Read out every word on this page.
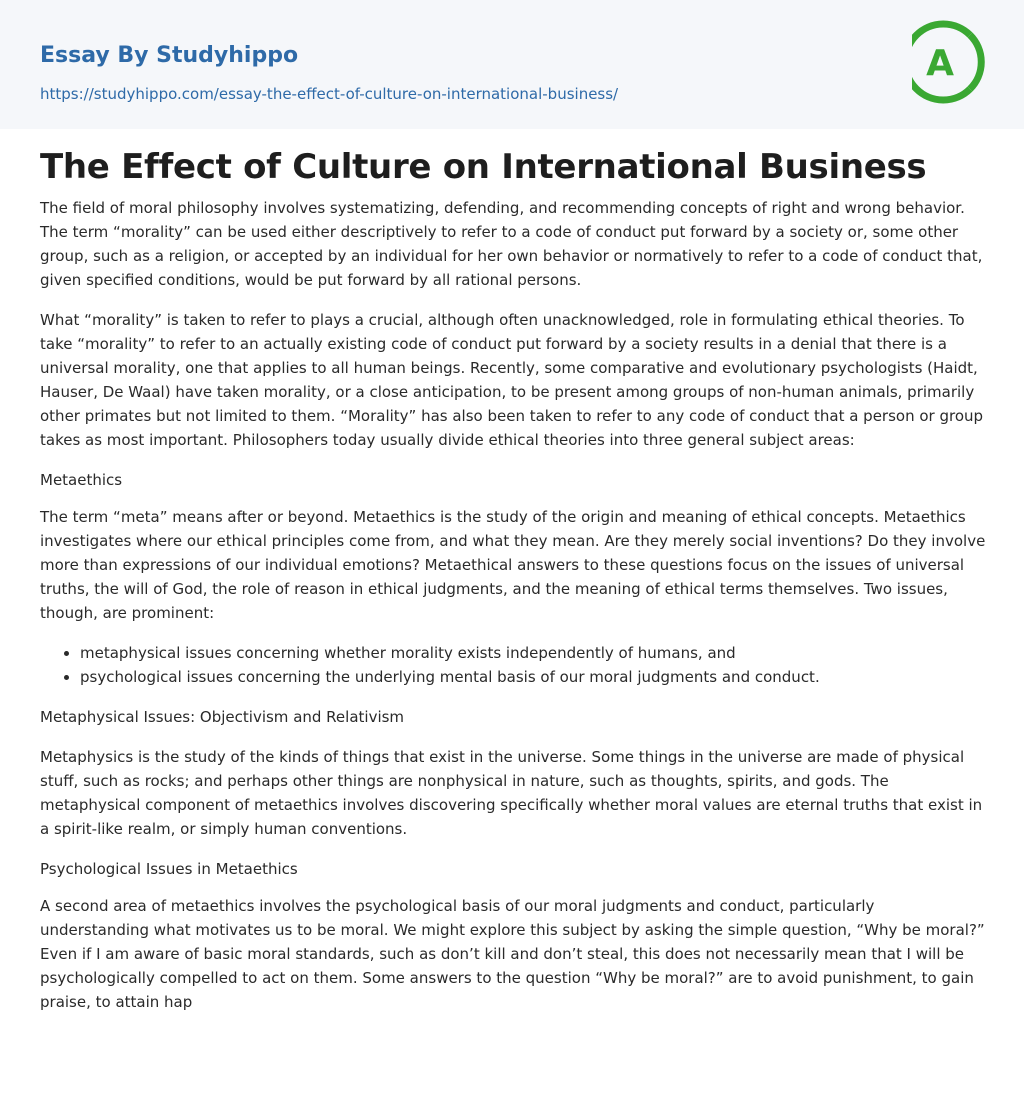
Essay By Studyhippo
https://studyhippo.com/essay-the-effect-of-culture-on-international-business/
A
The Effect of Culture on International Business

The field of moral philosophy involves systematizing, defending, and recommending concepts of right and wrong behavior. The term “morality” can be used either descriptively to refer to a code of conduct put forward by a society or, some other group, such as a religion, or accepted by an individual for her own behavior or normatively to refer to a code of conduct that, given specified conditions, would be put forward by all rational persons.

What “morality” is taken to refer to plays a crucial, although often unacknowledged, role in formulating ethical theories. To take “morality” to refer to an actually existing code of conduct put forward by a society results in a denial that there is a universal morality, one that applies to all human beings. Recently, some comparative and evolutionary psychologists (Haidt, Hauser, De Waal) have taken morality, or a close anticipation, to be present among groups of non-human animals, primarily other primates but not limited to them. “Morality” has also been taken to refer to any code of conduct that a person or group takes as most important. Philosophers today usually divide ethical theories into three general subject areas:

Metaethics

The term “meta” means after or beyond. Metaethics is the study of the origin and meaning of ethical concepts. Metaethics investigates where our ethical principles come from, and what they mean. Are they merely social inventions? Do they involve more than expressions of our individual emotions? Metaethical answers to these questions focus on the issues of universal truths, the will of God, the role of reason in ethical judgments, and the meaning of ethical terms themselves. Two issues, though, are prominent:

• metaphysical issues concerning whether morality exists independently of humans, and
• psychological issues concerning the underlying mental basis of our moral judgments and conduct.

Metaphysical Issues: Objectivism and Relativism

Metaphysics is the study of the kinds of things that exist in the universe. Some things in the universe are made of physical stuff, such as rocks; and perhaps other things are nonphysical in nature, such as thoughts, spirits, and gods. The metaphysical component of metaethics involves discovering specifically whether moral values are eternal truths that exist in a spirit-like realm, or simply human conventions.

Psychological Issues in Metaethics

A second area of metaethics involves the psychological basis of our moral judgments and conduct, particularly understanding what motivates us to be moral. We might explore this subject by asking the simple question, “Why be moral?” Even if I am aware of basic moral standards, such as don’t kill and don’t steal, this does not necessarily mean that I will be psychologically compelled to act on them. Some answers to the question “Why be moral?” are to avoid punishment, to gain praise, to attain hap
